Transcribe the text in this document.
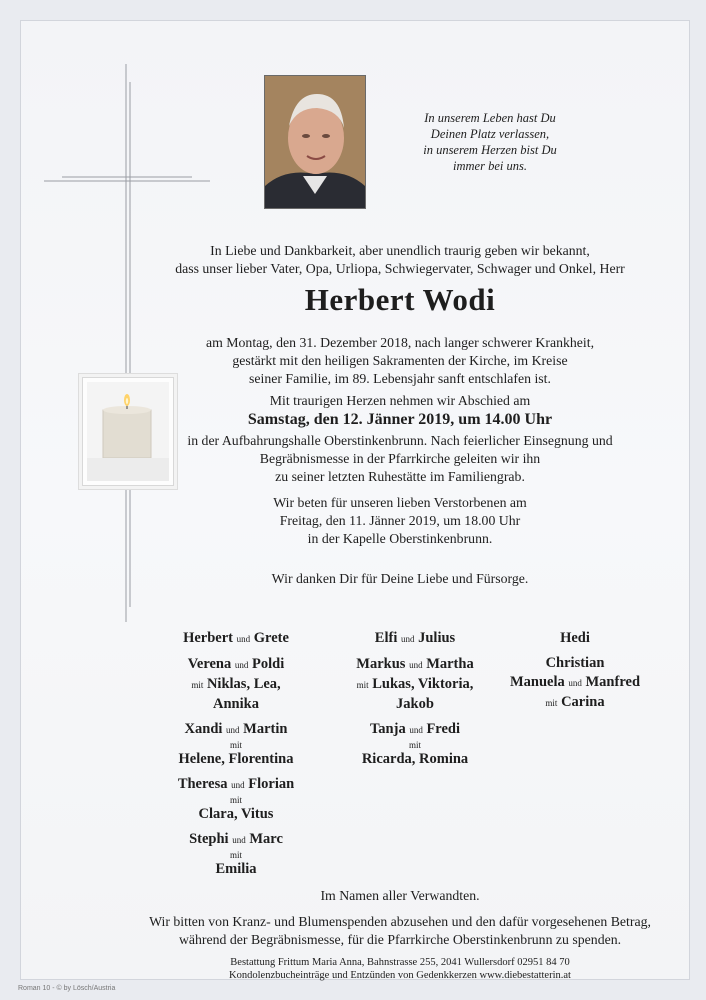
In unserem Leben hast Du
Deinen Platz verlassen,
in unserem Herzen bist Du
immer bei uns.
In Liebe und Dankbarkeit, aber unendlich traurig geben wir bekannt,
dass unser lieber Vater, Opa, Urliopa, Schwiegervater, Schwager und Onkel, Herr
Herbert Wodi
am Montag, den 31. Dezember 2018, nach langer schwerer Krankheit,
gestärkt mit den heiligen Sakramenten der Kirche, im Kreise
seiner Familie, im 89. Lebensjahr sanft entschlafen ist.
Mit traurigen Herzen nehmen wir Abschied am
Samstag, den 12. Jänner 2019, um 14.00 Uhr
in der Aufbahrungshalle Oberstinkenbrunn. Nach feierlicher Einsegnung und
Begräbnismesse in der Pfarrkirche geleiten wir ihn
zu seiner letzten Ruhestätte im Familiengrab.
Wir beten für unseren lieben Verstorbenen am
Freitag, den 11. Jänner 2019, um 18.00 Uhr
in der Kapelle Oberstinkenbrunn.
Wir danken Dir für Deine Liebe und Fürsorge.
Herbert und Grete
Verena und Poldi
mit Niklas, Lea,
Annika
Xandi und Martin
mit
Helene, Florentina
Theresa und Florian
mit
Clara, Vitus
Stephi und Marc
mit
Emilia
Elfi und Julius
Markus und Martha
mit Lukas, Viktoria,
Jakob
Tanja und Fredi
mit
Ricarda, Romina
Hedi
Christian
Manuela und Manfred
mit Carina
Im Namen aller Verwandten.
Wir bitten von Kranz- und Blumenspenden abzusehen und den dafür vorgesehenen Betrag,
während der Begräbnismesse, für die Pfarrkirche Oberstinkenbrunn zu spenden.
Bestattung Frittum Maria Anna, Bahnstrasse 255, 2041 Wullersdorf 02951 84 70
Kondolenzbucheinträge und Entzünden von Gedenkkerzen www.diebestatterin.at
Roman 10 - © by Lösch/Austria
